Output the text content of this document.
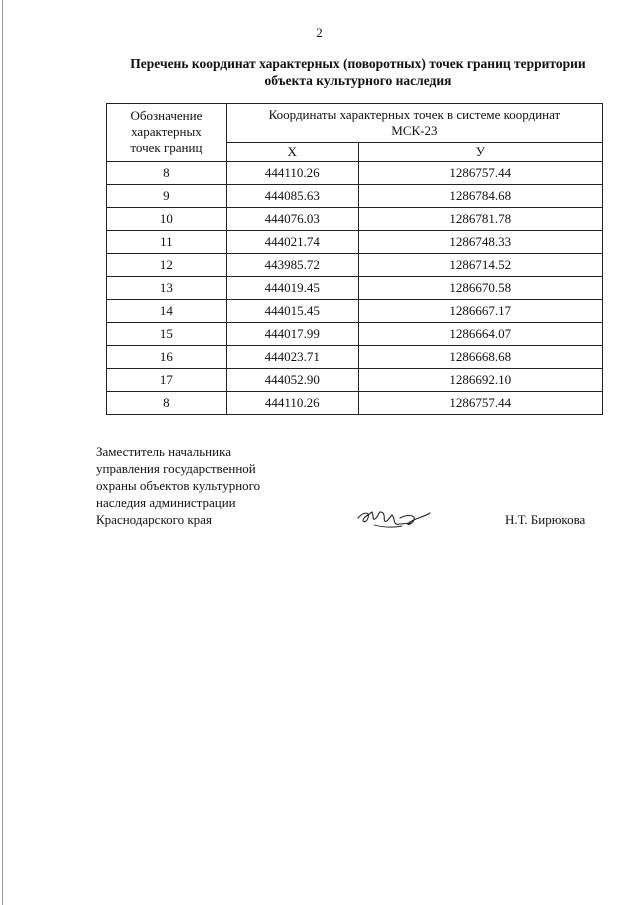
2
Перечень координат характерных (поворотных) точек границ территории
объекта культурного наследия
Обозначение
характерных
точек границ	Координаты характерных точек в системе координат
МСК-23	

	X	У
8	444110.26	1286757.44
9	444085.63	1286784.68
10	444076.03	1286781.78
11	444021.74	1286748.33
12	443985.72	1286714.52
13	444019.45	1286670.58
14	444015.45	1286667.17
15	444017.99	1286664.07
16	444023.71	1286668.68
17	444052.90	1286692.10
8	444110.26	1286757.44
Заместитель начальника
управления государственной
охраны объектов культурного
наследия администрации
Краснодарского края	Н.Т. Бирюкова
